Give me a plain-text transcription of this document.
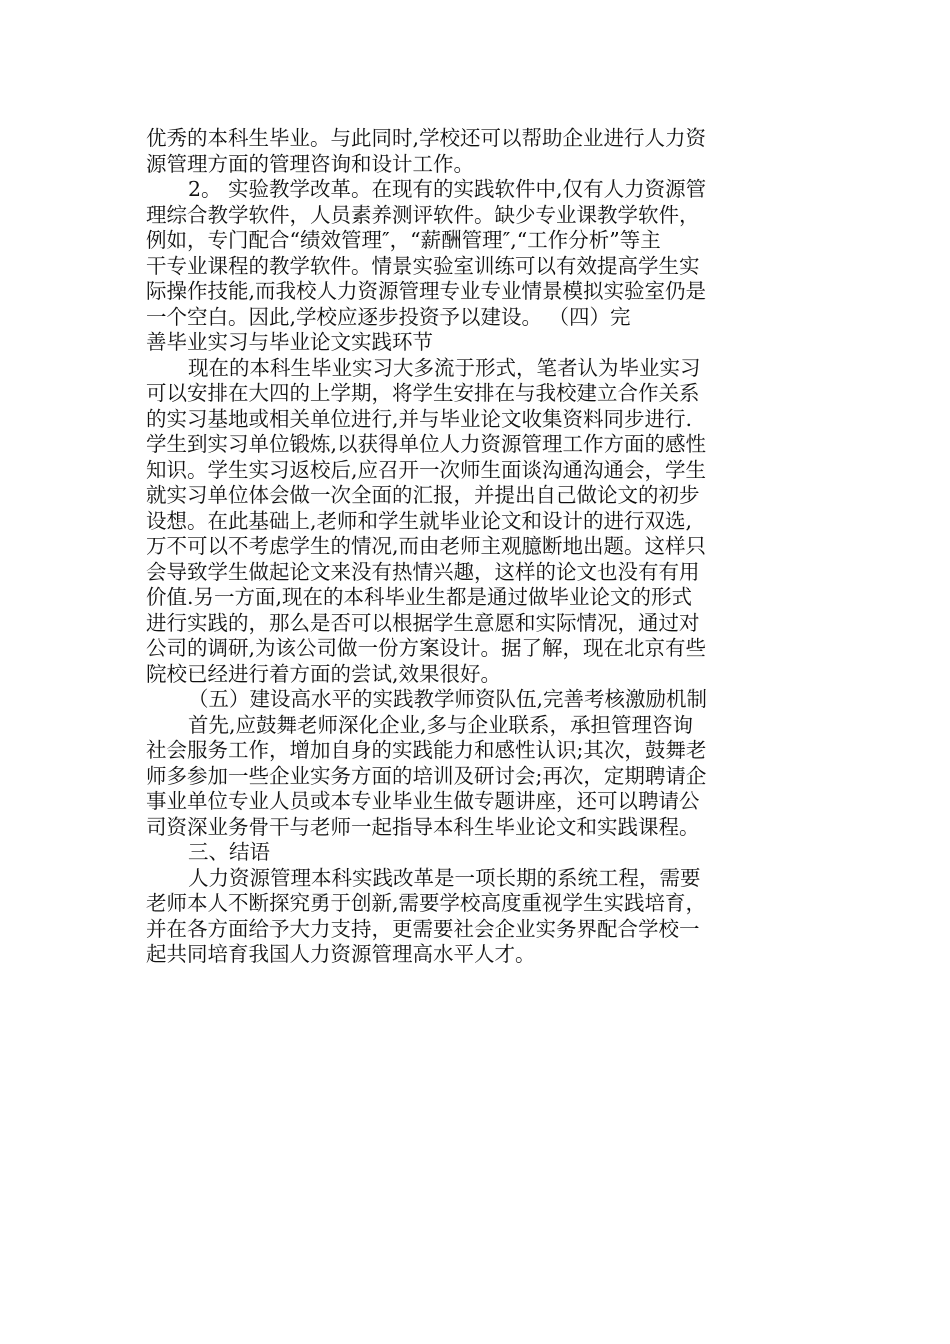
优秀的本科生毕业。与此同时,学校还可以帮助企业进行人力资
源管理方面的管理咨询和设计工作。
2。 实验教学改革。在现有的实践软件中,仅有人力资源管
理综合教学软件，人员素养测评软件。缺少专业课教学软件，
例如，专门配合“绩效管理″，“薪酬管理″,“工作分析”等主
干专业课程的教学软件。情景实验室训练可以有效提高学生实
际操作技能,而我校人力资源管理专业专业情景模拟实验室仍是
一个空白。因此,学校应逐步投资予以建设。 （四）完
善毕业实习与毕业论文实践环节
现在的本科生毕业实习大多流于形式，笔者认为毕业实习
可以安排在大四的上学期，将学生安排在与我校建立合作关系
的实习基地或相关单位进行,并与毕业论文收集资料同步进行.
学生到实习单位锻炼,以获得单位人力资源管理工作方面的感性
知识。学生实习返校后,应召开一次师生面谈沟通沟通会，学生
就实习单位体会做一次全面的汇报，并提出自己做论文的初步
设想。在此基础上,老师和学生就毕业论文和设计的进行双选,
万不可以不考虑学生的情况,而由老师主观臆断地出题。这样只
会导致学生做起论文来没有热情兴趣，这样的论文也没有有用
价值.另一方面,现在的本科毕业生都是通过做毕业论文的形式
进行实践的，那么是否可以根据学生意愿和实际情况，通过对
公司的调研,为该公司做一份方案设计。据了解，现在北京有些
院校已经进行着方面的尝试,效果很好。
（五）建设高水平的实践教学师资队伍,完善考核激励机制
首先,应鼓舞老师深化企业,多与企业联系，承担管理咨询
社会服务工作，增加自身的实践能力和感性认识;其次，鼓舞老
师多参加一些企业实务方面的培训及研讨会;再次，定期聘请企
事业单位专业人员或本专业毕业生做专题讲座，还可以聘请公
司资深业务骨干与老师一起指导本科生毕业论文和实践课程。
三、结语
人力资源管理本科实践改革是一项长期的系统工程，需要
老师本人不断探究勇于创新,需要学校高度重视学生实践培育，
并在各方面给予大力支持，更需要社会企业实务界配合学校一
起共同培育我国人力资源管理高水平人才。
